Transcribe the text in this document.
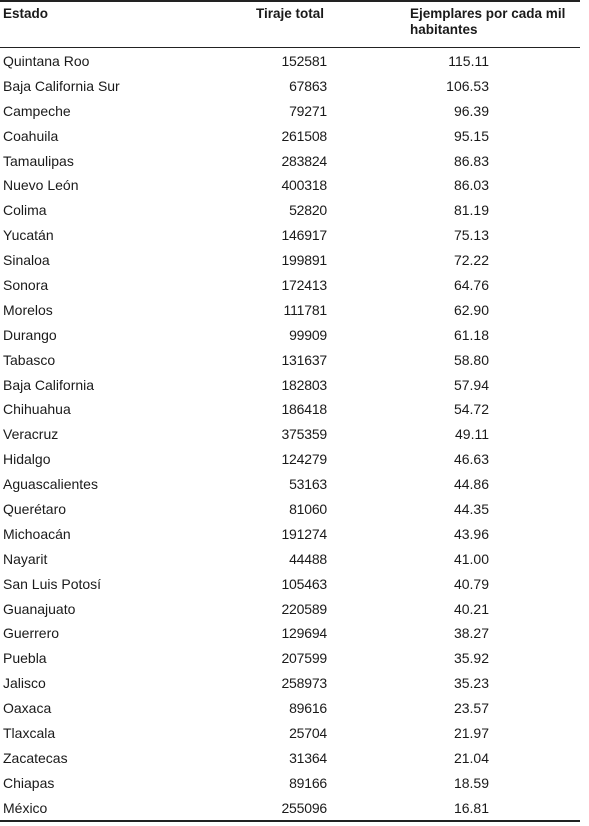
Estado	Tiraje total	Ejemplares por cada mil habitantes
Quintana Roo	152581	115.11
Baja California Sur	67863	106.53
Campeche	79271	96.39
Coahuila	261508	95.15
Tamaulipas	283824	86.83
Nuevo León	400318	86.03
Colima	52820	81.19
Yucatán	146917	75.13
Sinaloa	199891	72.22
Sonora	172413	64.76
Morelos	111781	62.90
Durango	99909	61.18
Tabasco	131637	58.80
Baja California	182803	57.94
Chihuahua	186418	54.72
Veracruz	375359	49.11
Hidalgo	124279	46.63
Aguascalientes	53163	44.86
Querétaro	81060	44.35
Michoacán	191274	43.96
Nayarit	44488	41.00
San Luis Potosí	105463	40.79
Guanajuato	220589	40.21
Guerrero	129694	38.27
Puebla	207599	35.92
Jalisco	258973	35.23
Oaxaca	89616	23.57
Tlaxcala	25704	21.97
Zacatecas	31364	21.04
Chiapas	89166	18.59
México	255096	16.81
